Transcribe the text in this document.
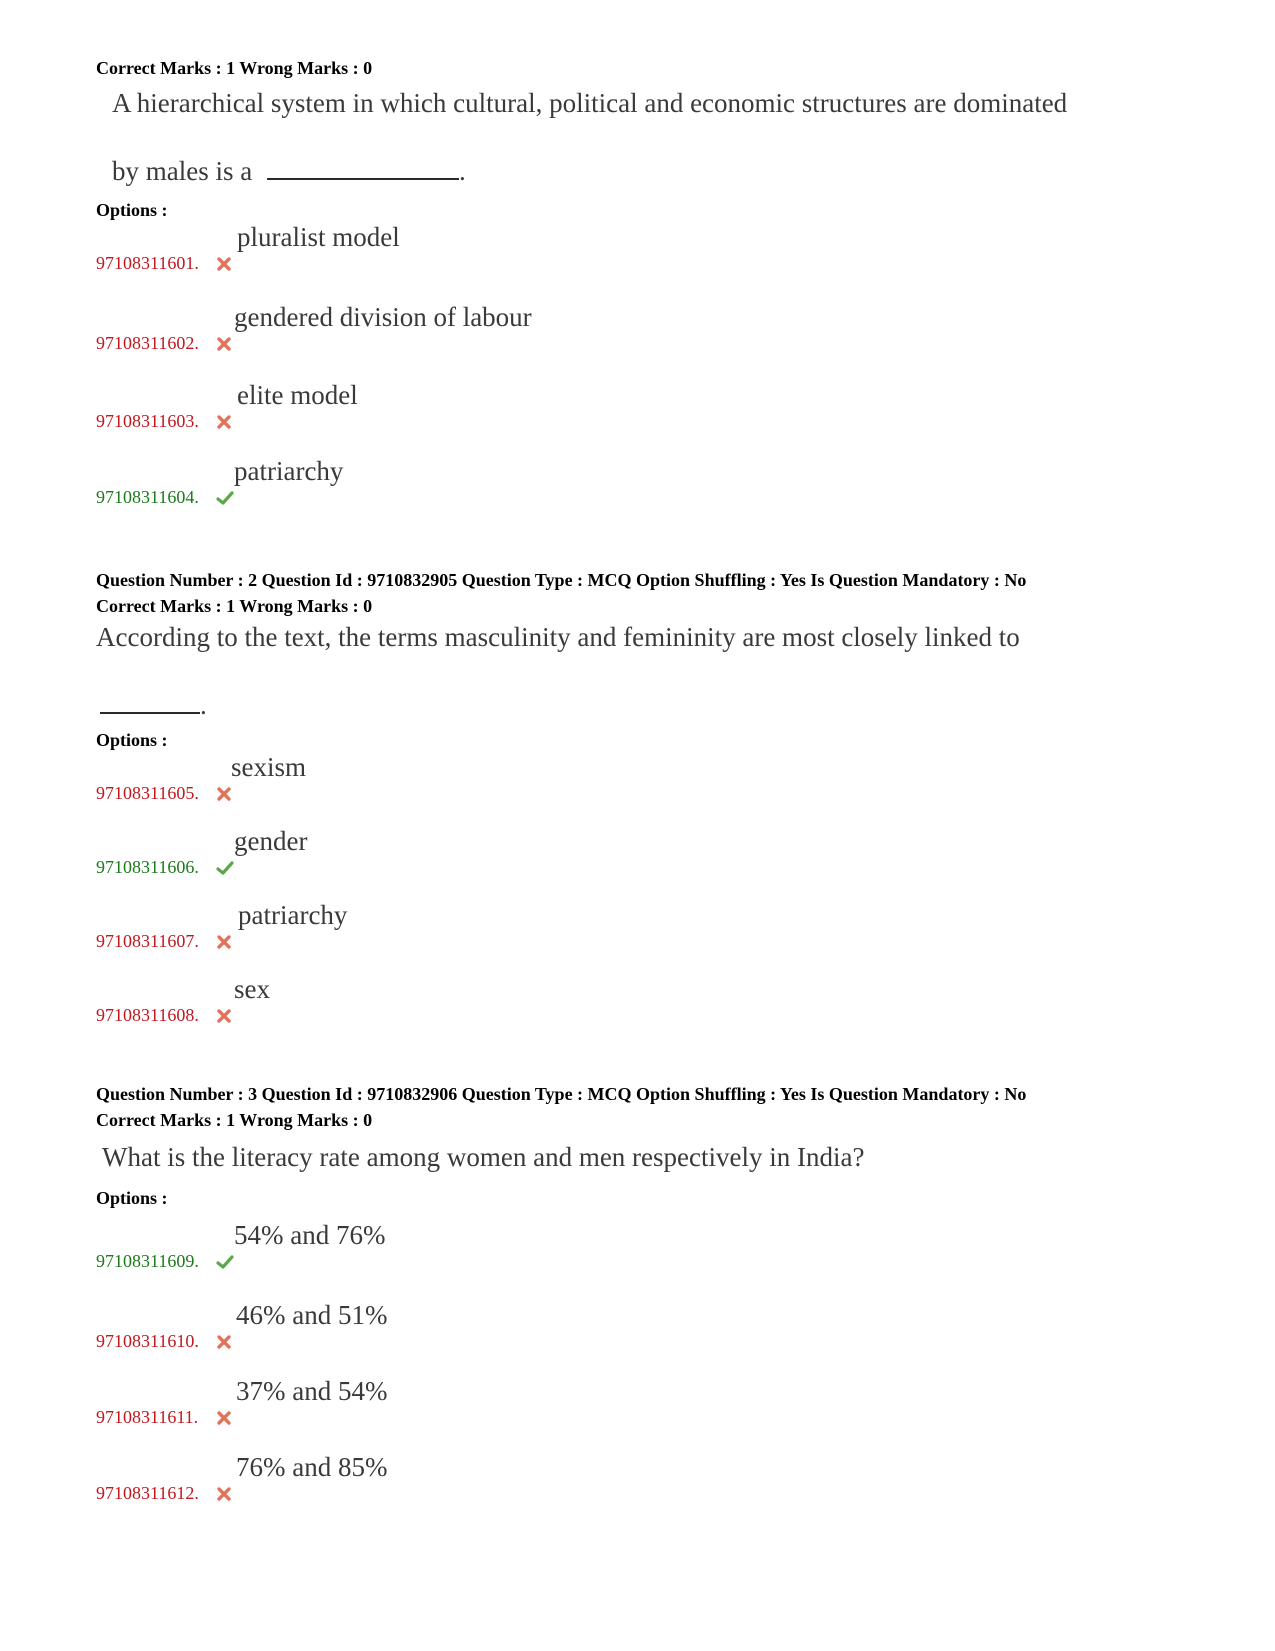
Correct Marks : 1 Wrong Marks : 0
A hierarchical system in which cultural, political and economic structures are dominated
by males is a	.
Options :
97108311601.
pluralist model
97108311602.
gendered division of labour
97108311603.
elite model
97108311604.
patriarchy
Question Number : 2 Question Id : 9710832905 Question Type : MCQ Option Shuffling : Yes Is Question Mandatory : No
Correct Marks : 1 Wrong Marks : 0
According to the text, the terms masculinity and femininity are most closely linked to
.
Options :
97108311605.
sexism
97108311606.
gender
97108311607.
patriarchy
97108311608.
sex
Question Number : 3 Question Id : 9710832906 Question Type : MCQ Option Shuffling : Yes Is Question Mandatory : No
Correct Marks : 1 Wrong Marks : 0
What is the literacy rate among women and men respectively in India?
Options :
97108311609.
54% and 76%
97108311610.
46% and 51%
97108311611.
37% and 54%
97108311612.
76% and 85%
